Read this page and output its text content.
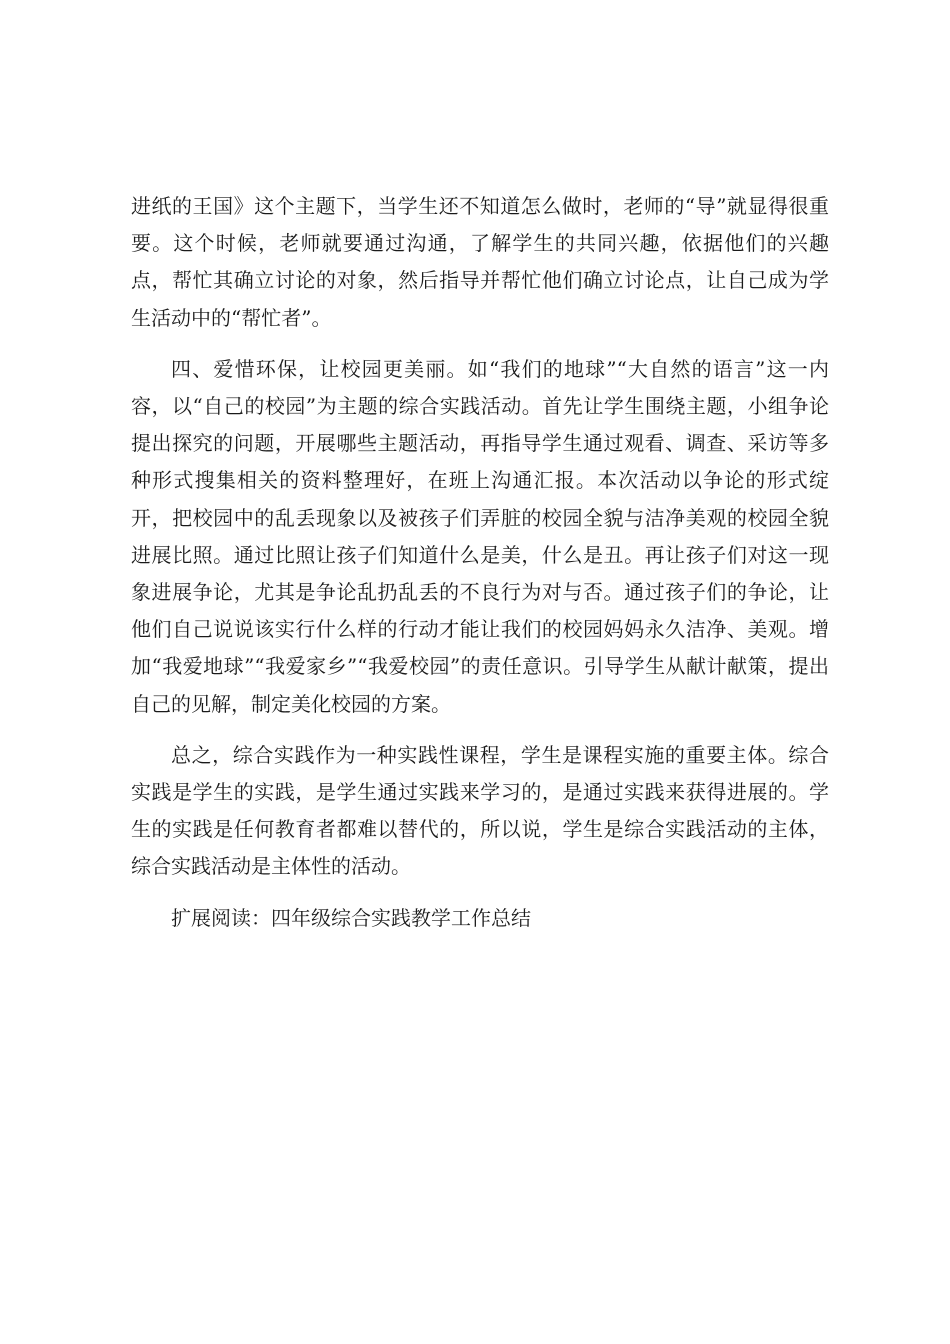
进纸的王国》这个主题下，当学生还不知道怎么做时，老师的“导”就显得很重要。这个时候，老师就要通过沟通，了解学生的共同兴趣，依据他们的兴趣点，帮忙其确立讨论的对象，然后指导并帮忙他们确立讨论点，让自己成为学生活动中的“帮忙者”。

四、爱惜环保，让校园更美丽。如“我们的地球”“大自然的语言”这一内容，以“自己的校园”为主题的综合实践活动。首先让学生围绕主题，小组争论提出探究的问题，开展哪些主题活动，再指导学生通过观看、调查、采访等多种形式搜集相关的资料整理好，在班上沟通汇报。本次活动以争论的形式绽开，把校园中的乱丢现象以及被孩子们弄脏的校园全貌与洁净美观的校园全貌进展比照。通过比照让孩子们知道什么是美，什么是丑。再让孩子们对这一现象进展争论，尤其是争论乱扔乱丢的不良行为对与否。通过孩子们的争论，让他们自己说说该实行什么样的行动才能让我们的校园妈妈永久洁净、美观。增加“我爱地球”“我爱家乡”“我爱校园”的责任意识。引导学生从献计献策，提出自己的见解，制定美化校园的方案。

总之，综合实践作为一种实践性课程，学生是课程实施的重要主体。综合实践是学生的实践，是学生通过实践来学习的，是通过实践来获得进展的。学生的实践是任何教育者都难以替代的，所以说，学生是综合实践活动的主体，综合实践活动是主体性的活动。

扩展阅读：四年级综合实践教学工作总结
